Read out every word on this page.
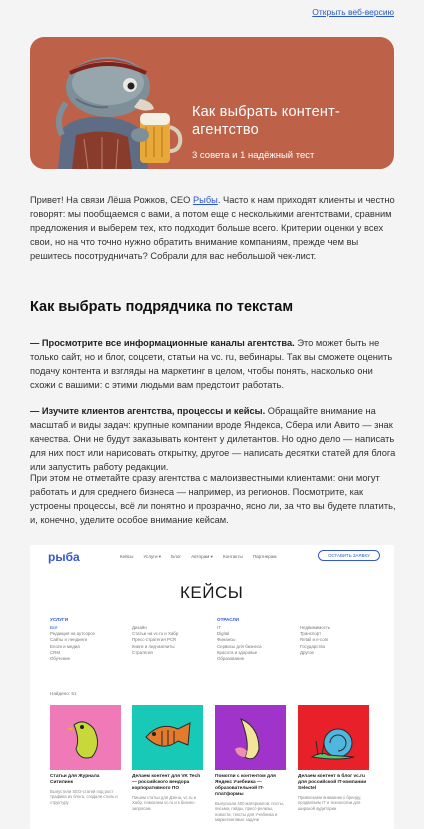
Открыть веб-версию
Как выбрать контент-агентство
3 совета и 1 надёжный тест
Привет! На связи Лёша Рожков, CEO Рыбы. Часто к нам приходят клиенты и честно говорят: мы пообщаемся с вами, а потом еще с несколькими агентствами, сравним предложения и выберем тех, кто подходит больше всего. Критерии оценки у всех свои, но на что точно нужно обратить внимание компаниям, прежде чем вы решитесь посотрудничать? Собрали для вас небольшой чек-лист.
Как выбрать подрядчика по текстам
— Просмотрите все информационные каналы агентства. Это может быть не только сайт, но и блог, соцсети, статьи на vc. ru, вебинары. Так вы сможете оценить подачу контента и взгляды на маркетинг в целом, чтобы понять, насколько они схожи с вашими: с этими людьми вам предстоит работать.
— Изучите клиентов агентства, процессы и кейсы. Обращайте внимание на масштаб и виды задач: крупные компании вроде Яндекса, Сбера или Авито — знак качества. Они не будут заказывать контент у дилетантов. Но одно дело — написать для них пост или нарисовать открытку, другое — написать десятки статей для блога или запустить работу редакции.
При этом не отметайте сразу агентства с малоизвестными клиентами: они могут работать и для среднего бизнеса — например, из регионов. Посмотрите, как устроены процессы, всё ли понятно и прозрачно, ясно ли, за что вы будете платить, и, конечно, уделите особое внимание кейсам.
рыба	Кейсы Услуги ▾ Блог Авторам ▾ Контакты Партнерам	ОСТАВИТЬ ЗАЯВКУ
КЕЙСЫ
УСЛУГИ
Всё
Редакция на аутсорсе
Сайты и лендинги
Блоги и медиа
CRM
Обучение
Дизайн
Статьи на vc.ru и Хабр
Пресс-стратегия PCR
Книги и лид-магниты
Стратегия
ОТРАСЛИ
IT
Digital
Финансы
Сервисы для бизнеса
Красота и здоровье
Образование
Недвижимость
Транспорт
Retail и e-com
Государство
Другое
Найдено: 51
Статьи для Журнала Ситилинк
Выпустили SEO-статей под рост трафика из блога, создали стиль и структуру
Делаем контент для VK Tech — российского вендора корпоративного ПО
Пишем статьи для Дзена, vc.ru и Хабр, помогаем vc.ru и к бизнес-запросам
Помогли с контентом для Яндекс Учебника — образовательной IT-платформы
Выпускали 400 материалов: посты, письма, гайды, пресс-релизы, новости, тексты для Учебника и маркетинговые задачи
Делаем контент в блог vc.ru для российской IT-компании Selectel
Привлекаем внимание к бренду, продвигаем IT и технологии для широкой аудитории
